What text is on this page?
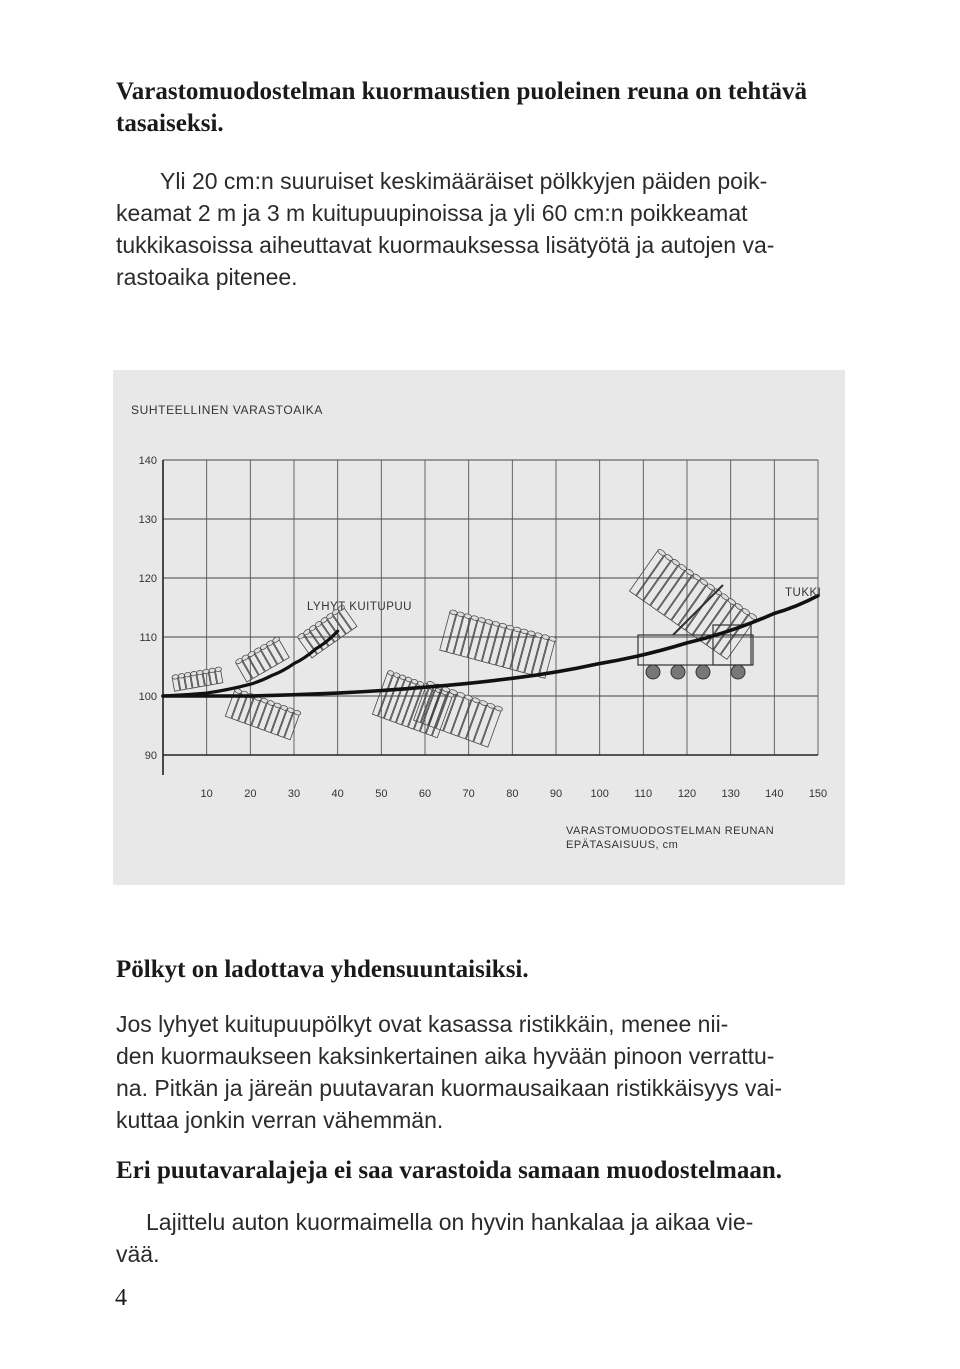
Varastomuodostelman kuormaustien puoleinen reuna on tehtävä
tasaiseksi.

Yli 20 cm:n suuruiset keskimääräiset pölkkyjen päiden poik-
keamat 2 m ja 3 m kuitupuupinoissa ja yli 60 cm:n poikkeamat
tukkikasoissa aiheuttavat kuormauksessa lisätyötä ja autojen va-
rastoaika pitenee.

90
100
110
120
130
140
10	20	30	40	50	60	70	80	90	100 110 120 130 140 150
SUHTEELLINEN VARASTOAIKA
LYHYT KUITUPUU
TUKKI
VARASTOMUODOSTELMAN REUNAN
EPÄTASAISUUS, cm
Pölkyt on ladottava yhdensuuntaisiksi.

Jos lyhyet kuitupuupölkyt ovat kasassa ristikkäin, menee nii-
den kuormaukseen kaksinkertainen aika hyvään pinoon verrattu-
na. Pitkän ja järeän puutavaran kuormausaikaan ristikkäisyys vai-
kuttaa jonkin verran vähemmän.

Eri puutavaralajeja ei saa varastoida samaan muodostelmaan.

Lajittelu auton kuormaimella on hyvin hankalaa ja aikaa vie-
vää.

4
